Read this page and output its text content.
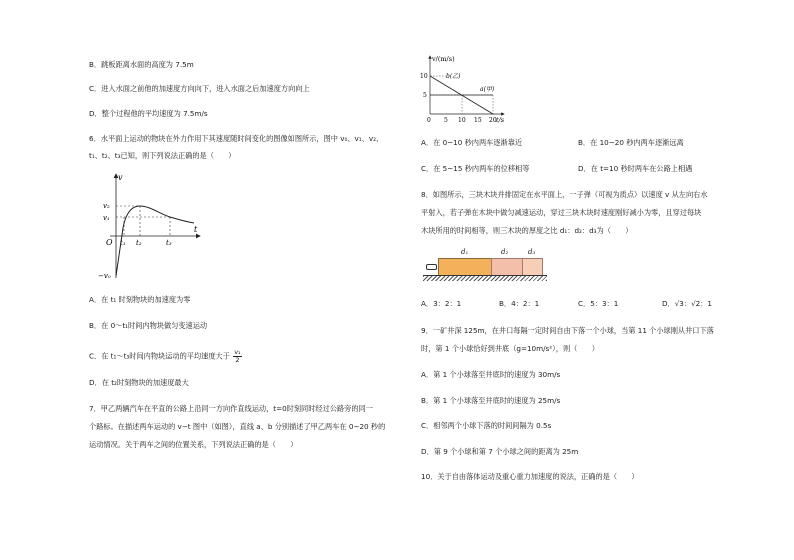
B．跳板距离水面的高度为 7.5m
C．进入水面之前他的加速度方向向下，进入水面之后加速度方向向上
D．整个过程他的平均速度为 7.5m/s
6．水平面上运动的物块在外力作用下其速度随时间变化的图像如图所示，图中 v₀、v₁、v₂、
t₁、t₂、t₃已知，则下列说法正确的是（　　）
v
t
O
v₂
v₁
−v₀
t₁ t₂	t₃
A．在 t₁ 时刻物块的加速度为零
B．在 0～t₁时间内物块做匀变速运动
C．在 t₁～t₃时间内物块运动的平均速度大于 $\frac{\text{v₁}}{2}$
D．在 t₂时刻物块的加速度最大
7．甲乙两辆汽车在平直的公路上沿同一方向作直线运动，t=0时刻同时经过公路旁的同一
个路标。在描述两车运动的 v−t 图中（如图），直线 a、b 分别描述了甲乙两车在 0~20 秒的
运动情况。关于两车之间的位置关系，下列说法正确的是（　　）
v/(m/s)
t/s
10
5
0 5 10 15 20
b(乙)
a(甲)
A．在 0~10 秒内两车逐渐靠近	B．在 10~20 秒内两车逐渐远离
C．在 5~15 秒内两车的位移相等	D．在 t=10 秒时两车在公路上相遇
8．如图所示，三块木块并排固定在水平面上，一子弹（可视为质点）以速度 v 从左向右水
平射入，若子弹在木块中做匀减速运动，穿过三块木块时速度刚好减小为零，且穿过每块
木块所用的时间相等，则三木块的厚度之比 d₁：d₂：d₃为（　　）
d₁	d₂	d₃
A．3：2：1	B．4：2：1	C．5：3：1	D．√3：√2：1
9．一矿井深 125m，在井口每隔一定时间自由下落一个小球，当第 11 个小球刚从井口下落
时，第 1 个小球恰好到井底（g=10m/s²），则（　　）
A．第 1 个小球落至井底时的速度为 30m/s
B．第 1 个小球落至井底时的速度为 25m/s
C．相邻两个小球下落的时间间隔为 0.5s
D．第 9 个小球和第 7 个小球之间的距离为 25m
10．关于自由落体运动及重心重力加速度的说法，正确的是（　　）
